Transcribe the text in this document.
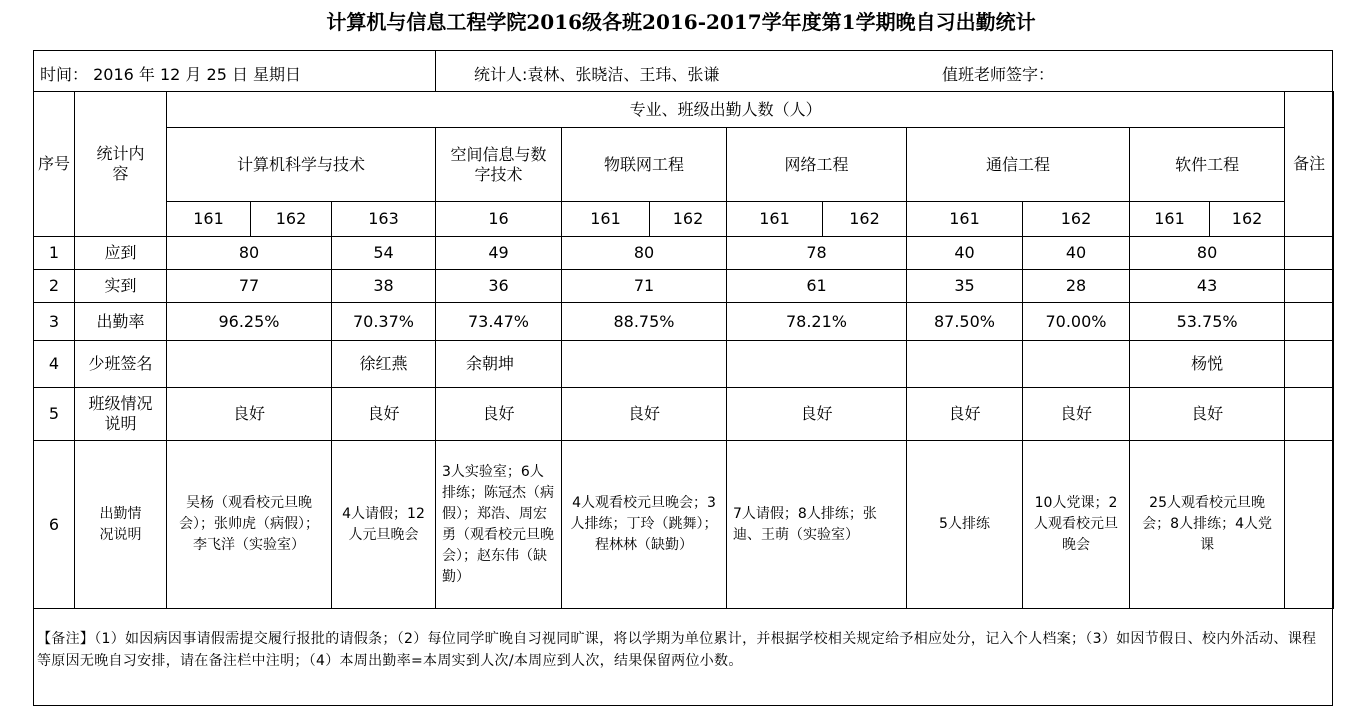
计算机与信息工程学院2016级各班2016-2017学年度第1学期晚自习出勤统计
时间： 2016 年 12 月 25 日 星期日	统计人:袁林、张晓洁、王玮、张谦	值班老师签字：
序号	统计内容	专业、班级出勤人数（人）												备注
		计算机科学与技术			空间信息与数字技术	物联网工程		网络工程		通信工程		软件工程		
		161	162	163	16	161	162	161	162	161	162	161	162	
1	应到	80		54	49	80		78		40	40	80		
2	实到	77		38	36	71		61		35	28	43		
3	出勤率	96.25%		70.37%	73.47%	88.75%		78.21%		87.50%	70.00%	53.75%		
4	少班签名			徐红燕	余朝坤							杨悦		
5	班级情况说明	良好		良好	良好	良好		良好		良好	良好	良好		
6	出勤情况说明	吴杨（观看校元旦晚会）；张帅虎（病假）；李飞洋（实验室）		4人请假；12人元旦晚会	3人实验室；6人排练；陈冠杰（病假）；郑浩、周宏勇（观看校元旦晚会）；赵东伟（缺勤）	4人观看校元旦晚会；3人排练；丁玲（跳舞）；程林林（缺勤）		7人请假；8人排练；张迪、王萌（实验室）		5人排练	10人党课；2人观看校元旦晚会	25人观看校元旦晚会；8人排练；4人党课		
【备注】（1）如因病因事请假需提交履行报批的请假条；（2）每位同学旷晚自习视同旷课，将以学期为单位累计，并根据学校相关规定给予相应处分，记入个人档案；（3）如因节假日、校内外活动、课程等原因无晚自习安排，请在备注栏中注明；（4）本周出勤率=本周实到人次/本周应到人次，结果保留两位小数。
